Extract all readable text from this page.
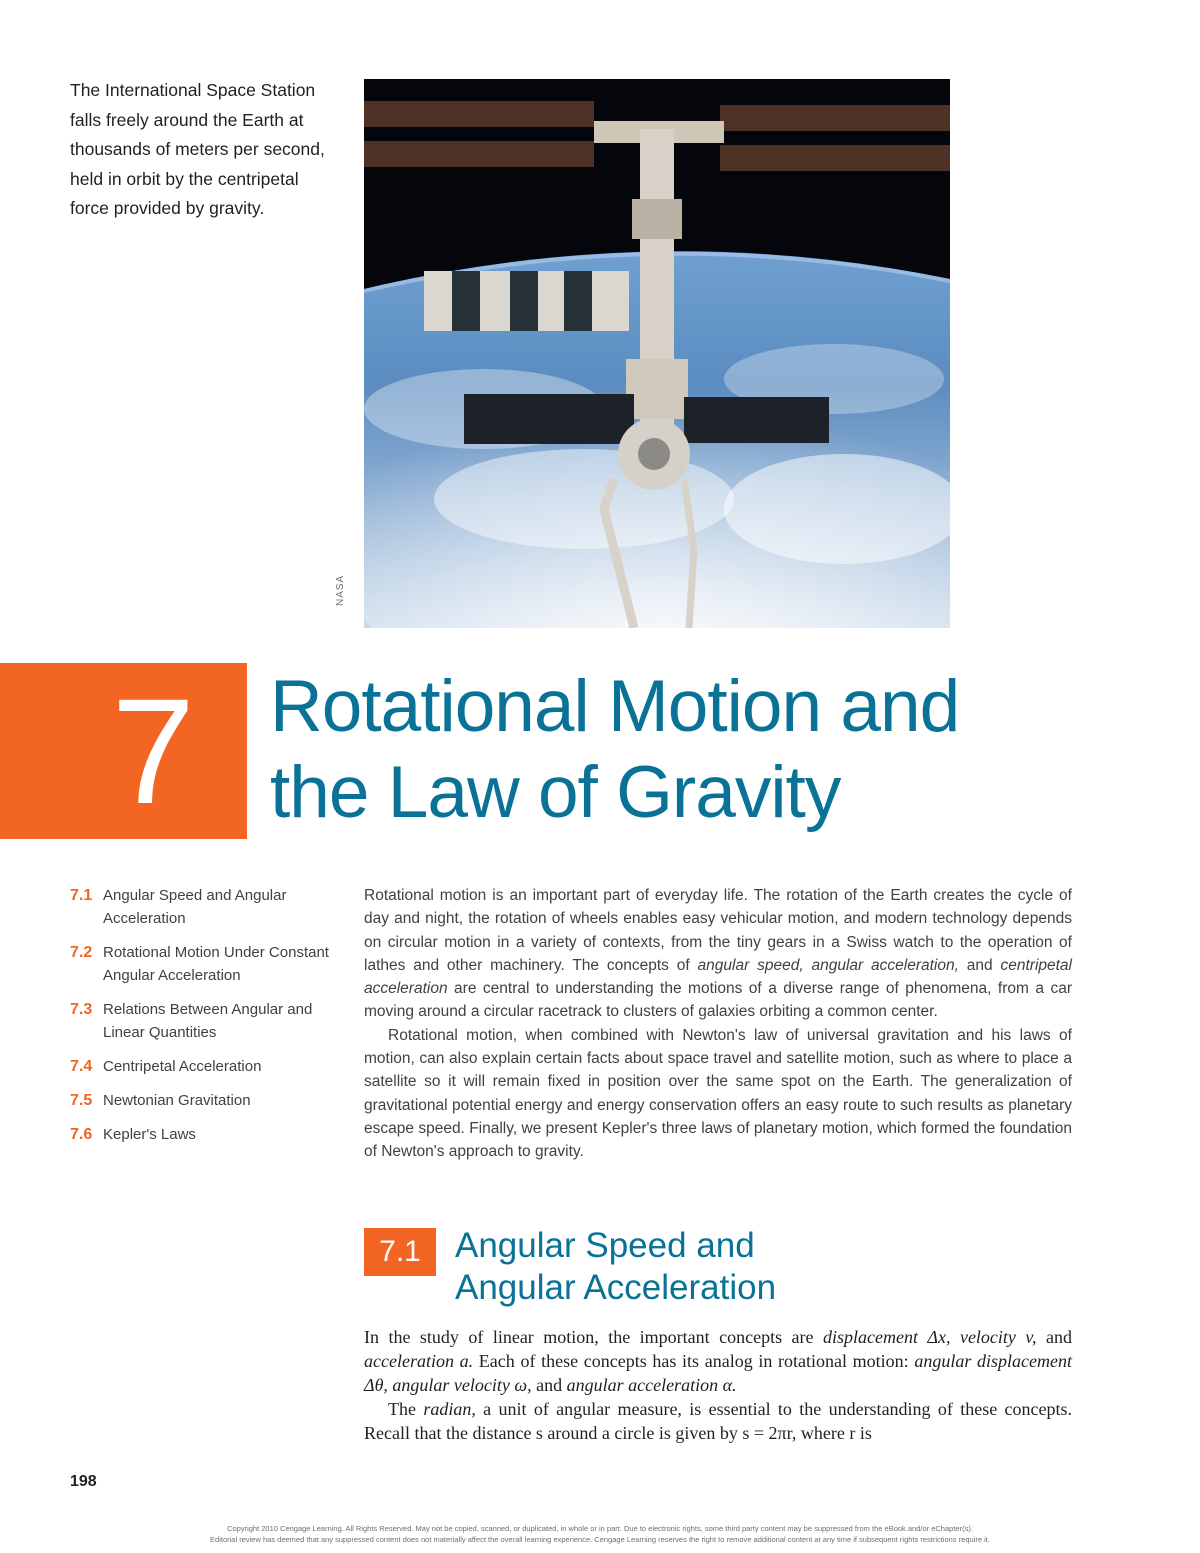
The International Space Station falls freely around the Earth at thousands of meters per second, held in orbit by the centripetal force provided by gravity.
NASA
7	Rotational Motion and
the Law of Gravity
7.1 Angular Speed and Angular Acceleration
7.2 Rotational Motion Under Constant Angular Acceleration
7.3 Relations Between Angular and Linear Quantities
7.4 Centripetal Acceleration
7.5 Newtonian Gravitation
7.6 Kepler's Laws

Rotational motion is an important part of everyday life. The rotation of the Earth creates the cycle of day and night, the rotation of wheels enables easy vehicular motion, and modern technology depends on circular motion in a variety of contexts, from the tiny gears in a Swiss watch to the operation of lathes and other machinery. The concepts of angular speed, angular acceleration, and centripetal acceleration are central to understanding the motions of a diverse range of phenomena, from a car moving around a circular racetrack to clusters of galaxies orbiting a common center.

Rotational motion, when combined with Newton's law of universal gravitation and his laws of motion, can also explain certain facts about space travel and satellite motion, such as where to place a satellite so it will remain fixed in position over the same spot on the Earth. The generalization of gravitational potential energy and energy conservation offers an easy route to such results as planetary escape speed. Finally, we present Kepler's three laws of planetary motion, which formed the foundation of Newton's approach to gravity.

7.1 Angular Speed and
Angular Acceleration

In the study of linear motion, the important concepts are displacement Δx, velocity v, and acceleration a. Each of these concepts has its analog in rotational motion: angular displacement Δθ, angular velocity ω, and angular acceleration α.

The radian, a unit of angular measure, is essential to the understanding of these concepts. Recall that the distance s around a circle is given by s = 2πr, where r is

198
Copyright 2010 Cengage Learning. All Rights Reserved. May not be copied, scanned, or duplicated, in whole or in part. Due to electronic rights, some third party content may be suppressed from the eBook and/or eChapter(s).
Editorial review has deemed that any suppressed content does not materially affect the overall learning experience. Cengage Learning reserves the right to remove additional content at any time if subsequent rights restrictions require it.
